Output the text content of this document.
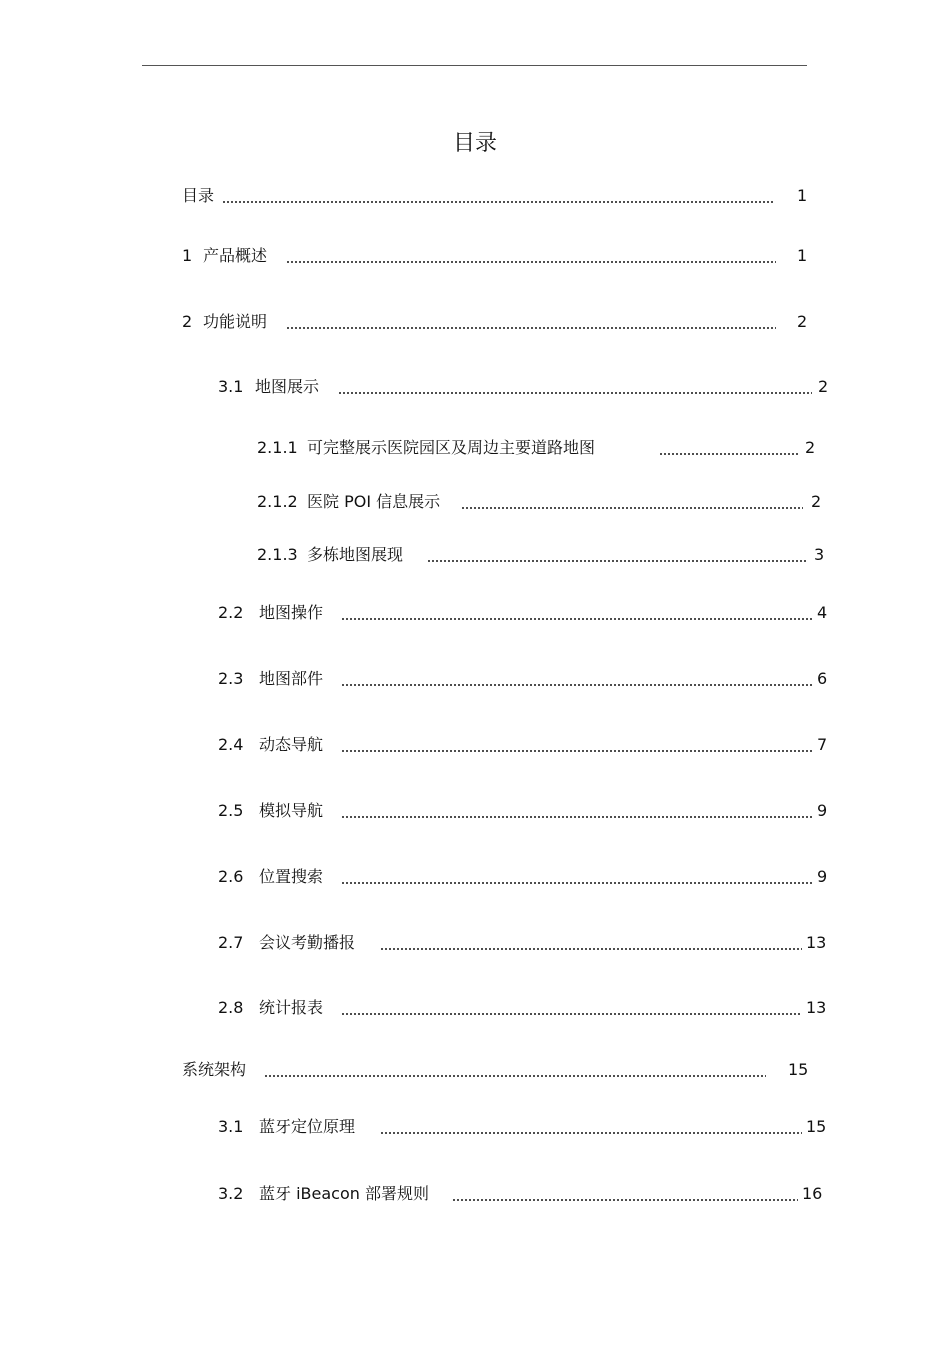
目录
目录	1
1 产品概述	1
2 功能说明	2
3.1 地图展示	2
2.1.1 可完整展示医院园区及周边主要道路地图	2
2.1.2 医院 POI 信息展示	2
2.1.3 多栋地图展现	3
2.2 地图操作	4
2.3 地图部件	6
2.4 动态导航	7
2.5 模拟导航	9
2.6 位置搜索	9
2.7 会议考勤播报	13
2.8 统计报表	13
系统架构	15
3.1 蓝牙定位原理	15
3.2 蓝牙 iBeacon 部署规则	16
